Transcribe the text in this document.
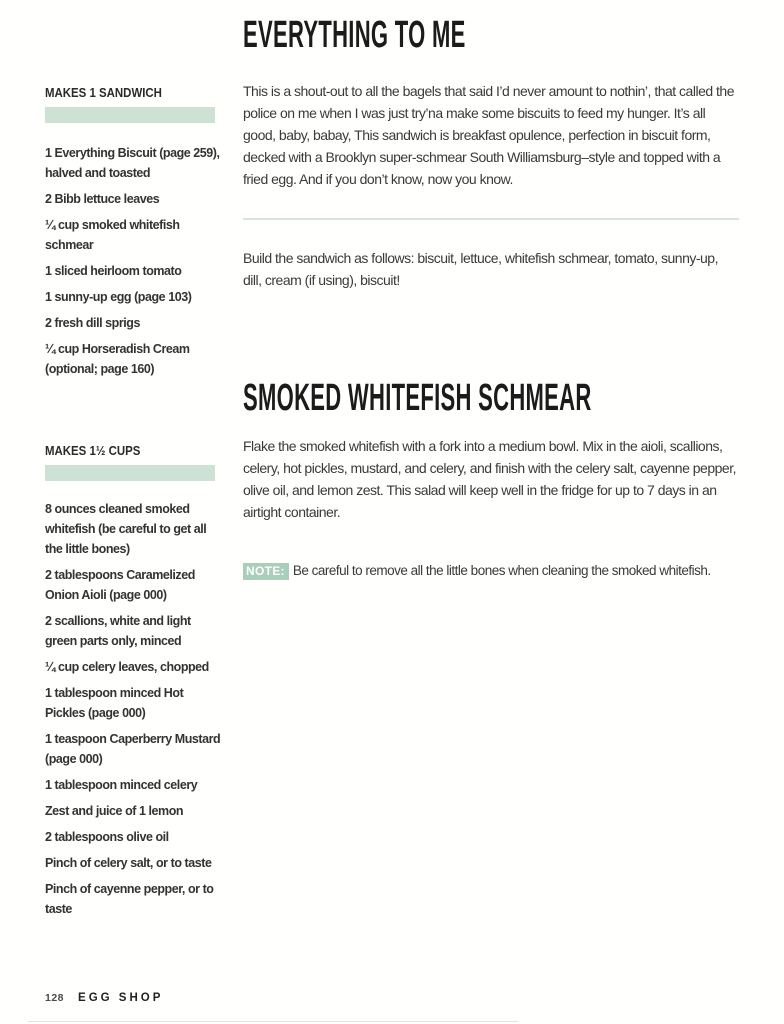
MAKES 1 SANDWICH
1 Everything Biscuit (page 259), halved and toasted
2 Bibb lettuce leaves
¼ cup smoked whitefish schmear
1 sliced heirloom tomato
1 sunny-up egg (page 103)
2 fresh dill sprigs
¼ cup Horseradish Cream (optional; page 160)
MAKES 1½ CUPS
8 ounces cleaned smoked whitefish (be careful to get all the little bones)
2 tablespoons Caramelized Onion Aioli (page 000)
2 scallions, white and light green parts only, minced
¼ cup celery leaves, chopped
1 tablespoon minced Hot Pickles (page 000)
1 teaspoon Caperberry Mustard (page 000)
1 tablespoon minced celery
Zest and juice of 1 lemon
2 tablespoons olive oil
Pinch of celery salt, or to taste
Pinch of cayenne pepper, or to taste
EVERYTHING TO ME

This is a shout-out to all the bagels that said I’d never amount to nothin’, that called the police on me when I was just try’na make some biscuits to feed my hunger. It’s all good, baby, babay, This sandwich is breakfast opulence, perfection in biscuit form, decked with a Brooklyn super-schmear South Williamsburg–style and topped with a fried egg. And if you don’t know, now you know.

Build the sandwich as follows: biscuit, lettuce, whitefish schmear, tomato, sunny-up, dill, cream (if using), biscuit!

SMOKED WHITEFISH SCHMEAR

Flake the smoked whitefish with a fork into a medium bowl. Mix in the aioli, scallions, celery, hot pickles, mustard, and celery, and finish with the celery salt, cayenne pepper, olive oil, and lemon zest. This salad will keep well in the fridge for up to 7 days in an airtight container.

NOTE: Be careful to remove all the little bones when cleaning the smoked whitefish.

128 EGG SHOP
